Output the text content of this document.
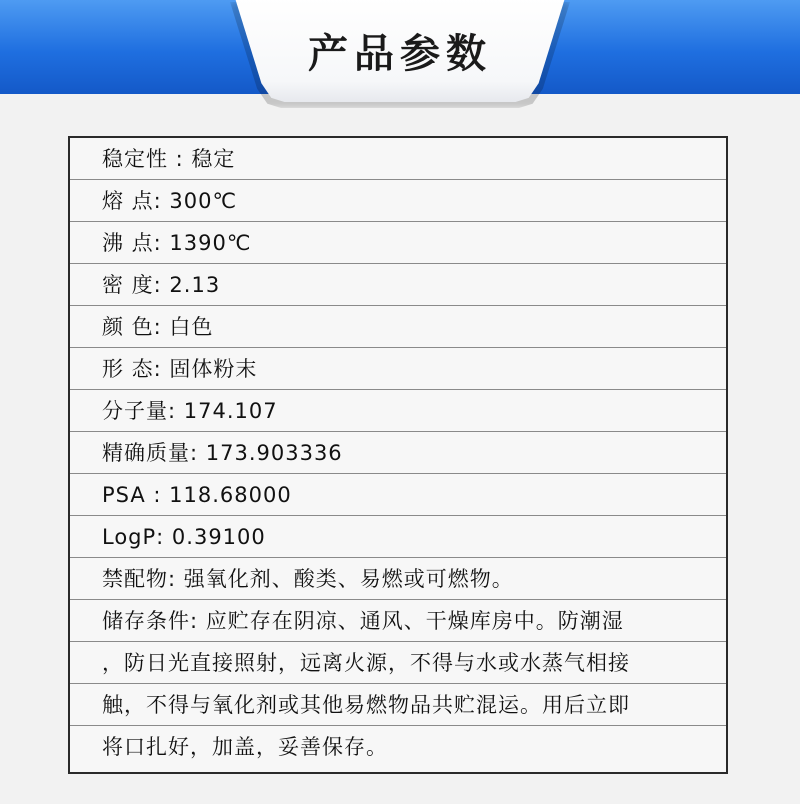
产品参数
稳定性 : 稳定
熔 点: 300℃
沸 点: 1390℃
密 度: 2.13
颜 色: 白色
形 态: 固体粉末
分子量: 174.107
精确质量: 173.903336
PSA : 118.68000
LogP: 0.39100
禁配物: 强氧化剂、酸类、易燃或可燃物。
储存条件: 应贮存在阴凉、通风、干燥库房中。防潮湿
，防日光直接照射，远离火源，不得与水或水蒸气相接
触，不得与氧化剂或其他易燃物品共贮混运。用后立即
将口扎好，加盖，妥善保存。
